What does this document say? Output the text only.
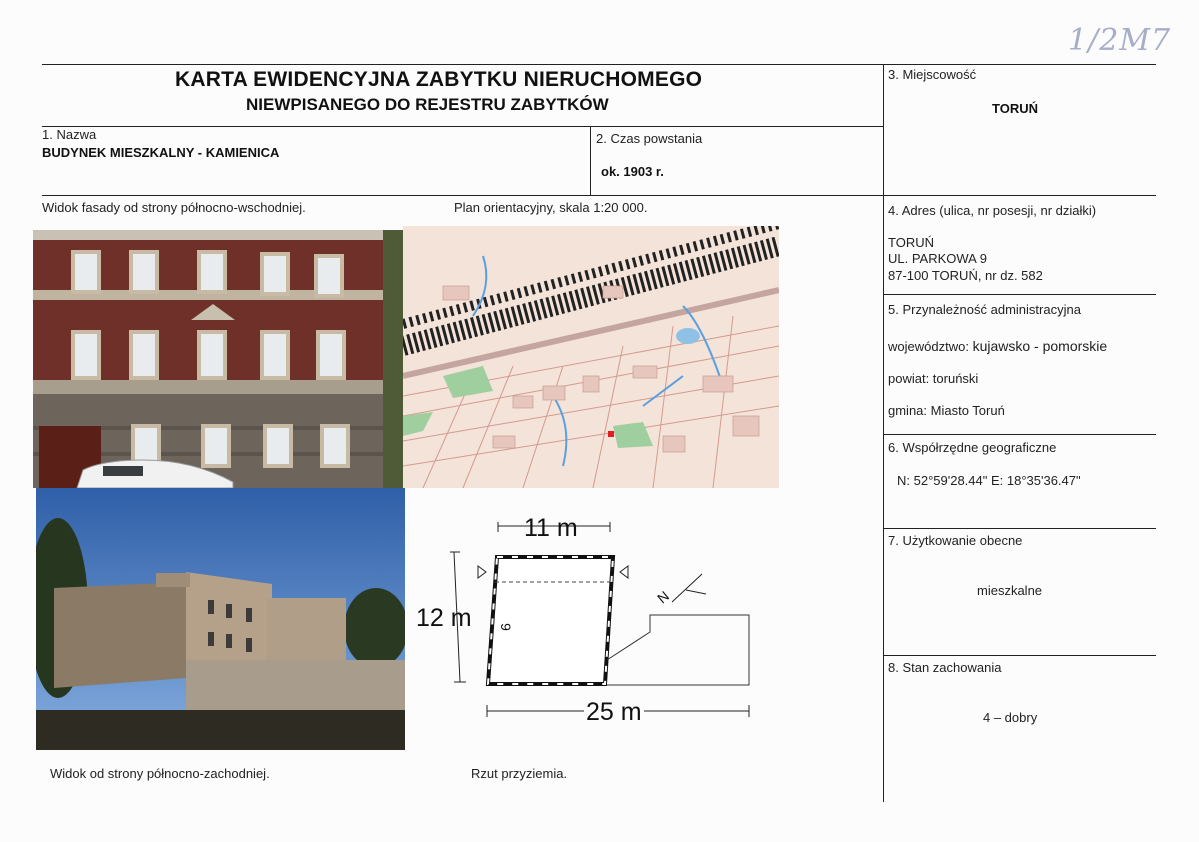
1/2M7
KARTA EWIDENCYJNA ZABYTKU NIERUCHOMEGO
NIEWPISANEGO DO REJESTRU ZABYTKÓW
1. Nazwa
BUDYNEK MIESZKALNY - KAMIENICA
2. Czas powstania
ok. 1903 r.
3. Miejscowość
TORUŃ
4. Adres (ulica, nr posesji, nr działki)
TORUŃ
UL. PARKOWA 9
87-100 TORUŃ, nr dz. 582
5. Przynależność administracyjna
województwo: kujawsko - pomorskie
powiat: toruński
gmina: Miasto Toruń
6. Współrzędne geograficzne
N: 52°59'28.44" E: 18°35'36.47"
7. Użytkowanie obecne
mieszkalne
8. Stan zachowania
4 – dobry
Widok fasady od strony północno-wschodniej.	Plan orientacyjny, skala 1:20 000.
Widok od strony północno-zachodniej.	Rzut przyziemia.
11 m
12 m
25 m
9
N
